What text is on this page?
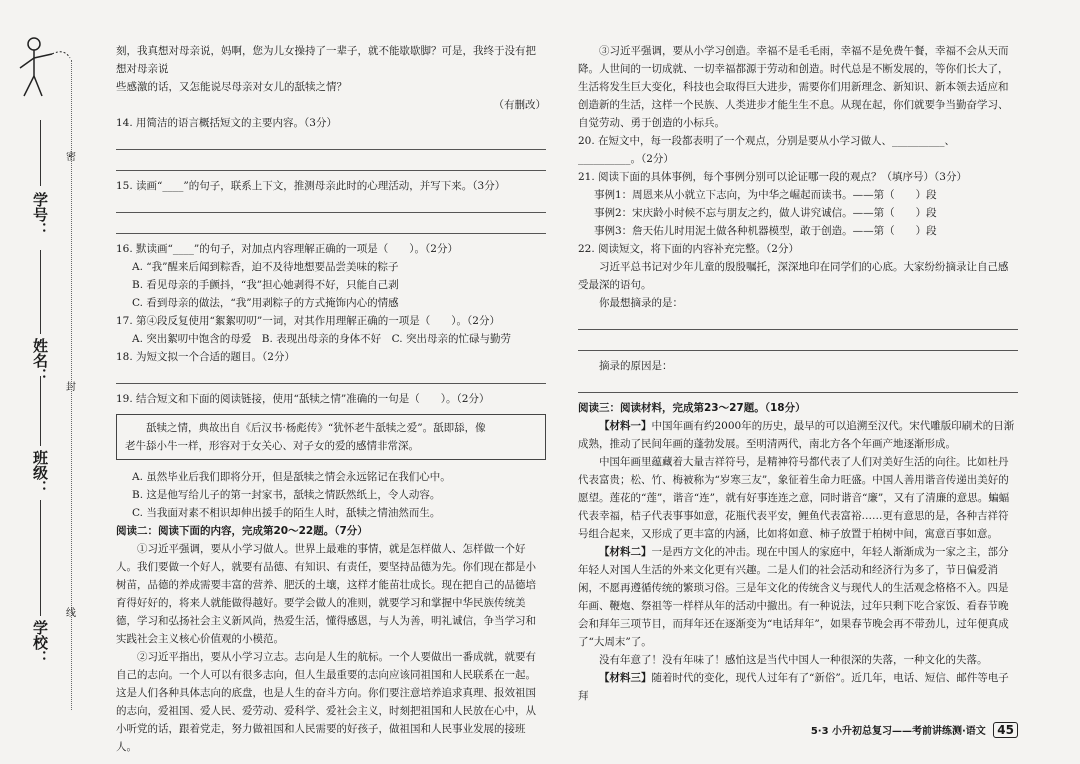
学号：
姓名：
班级：
学校：
密
封
线

刻，我真想对母亲说，妈啊，您为儿女操持了一辈子，就不能歇歇脚？可是，我终于没有把想对母亲说

些感激的话，又怎能说尽母亲对女儿的舐犊之情？

（有删改）

14. 用简洁的语言概括短文的主要内容。（3分）

15. 读画“____”的句子，联系上下文，推测母亲此时的心理活动，并写下来。（3分）

16. 默读画“____”的句子，对加点内容理解正确的一项是（　　）。（2分）

A. “我”醒来后闻到粽香，迫不及待地想要品尝美味的粽子

B. 看见母亲的手颤抖，“我”担心她剥得不好，只能自己剥

C. 看到母亲的做法，“我”用剥粽子的方式掩饰内心的情感

17. 第④段反复使用“絮絮叨叨”一词，对其作用理解正确的一项是（　　）。（2分）

A. 突出絮叨中饱含的母爱　B. 表现出母亲的身体不好　C. 突出母亲的忙碌与勤劳

18. 为短文拟一个合适的题目。（2分）

19. 结合短文和下面的阅读链接，使用“舐犊之情”准确的一句是（　　）。（2分）

舐犊之情，典故出自《后汉书·杨彪传》“犹怀老牛舐犊之爱”。舐即舔，像

老牛舔小牛一样，形容对于女关心、对子女的爱的感情非常深。

A. 虽然毕业后我们即将分开，但是舐犊之情会永远铭记在我们心中。

B. 这是他写给儿子的第一封家书，舐犊之情跃然纸上，令人动容。

C. 当我面对素不相识却伸出援手的陌生人时，舐犊之情油然而生。

阅读二：阅读下面的内容，完成第20～22题。（7分）

①习近平强调，要从小学习做人。世界上最难的事情，就是怎样做人、怎样做一个好人。我们要做一个好人，就要有品德、有知识、有责任，要坚持品德为先。你们现在都是小树苗，品德的养成需要丰富的营养、肥沃的土壤，这样才能苗壮成长。现在把自己的品德培育得好好的，将来人就能做得越好。要学会做人的准则，就要学习和掌握中华民族传统美德，学习和弘扬社会主义新风尚，热爱生活，懂得感恩，与人为善，明礼诚信，争当学习和实践社会主义核心价值观的小模范。

②习近平指出，要从小学习立志。志向是人生的航标。一个人要做出一番成就，就要有自己的志向。一个人可以有很多志向，但人生最重要的志向应该同祖国和人民联系在一起。这是人们各种具体志向的底盘，也是人生的奋斗方向。你们要注意培养追求真理、报效祖国的志向，爱祖国、爱人民、爱劳动、爱科学、爱社会主义，时刻把祖国和人民放在心中，从小听党的话，跟着党走，努力做祖国和人民需要的好孩子，做祖国和人民事业发展的接班人。

③习近平强调，要从小学习创造。幸福不是毛毛雨，幸福不是免费午餐，幸福不会从天而降。人世间的一切成就、一切幸福都源于劳动和创造。时代总是不断发展的，等你们长大了，生活将发生巨大变化，科技也会取得巨大进步，需要你们用新理念、新知识、新本领去适应和创造新的生活，这样一个民族、人类进步才能生生不息。从现在起，你们就要争当勤奋学习、自觉劳动、勇于创造的小标兵。

20. 在短文中，每一段都表明了一个观点，分别是要从小学习做人、__________、__________。（2分）

21. 阅读下面的具体事例，每个事例分别可以论证哪一段的观点？（填序号）（3分）

事例1：周恩来从小就立下志向，为中华之崛起而读书。——第（　　）段

事例2：宋庆龄小时候不忘与朋友之约，做人讲究诚信。——第（　　）段

事例3：詹天佑儿时用泥土做各种机器模型，敢于创造。——第（　　）段

22. 阅读短文，将下面的内容补充完整。（2分）

习近平总书记对少年儿童的殷殷嘱托，深深地印在同学们的心底。大家纷纷摘录让自己感受最深的语句。

你最想摘录的是：

摘录的原因是：

阅读三：阅读材料，完成第23～27题。（18分）

【材料一】中国年画有约2000年的历史，最早的可以追溯至汉代。宋代雕版印刷术的日渐成熟，推动了民间年画的蓬勃发展。至明清两代，南北方各个年画产地逐渐形成。

中国年画里蕴藏着大量吉祥符号，是精神符号都代表了人们对美好生活的向往。比如杜丹代表富贵；松、竹、梅被称为“岁寒三友”，象征着生命力旺盛。中国人善用谐音传递出美好的愿望。莲花的“莲”，谐音“连”，就有好事连连之意，同时谐音“廉”，又有了清廉的意思。蝙蝠代表幸福，桔子代表事事如意，花瓶代表平安，鲤鱼代表富裕……更有意思的是，各种吉祥符号组合起来，又形成了更丰富的内涵，比如将如意、柿子放置于柏树中间，寓意百事如意。

【材料二】一是西方文化的冲击。现在中国人的家庭中，年轻人渐渐成为一家之主，部分年轻人对国人生活的外来文化更有兴趣。二是人们的社会活动和经济行为多了，节日偏爱消闲，不愿再遵循传统的繁琐习俗。三是年文化的传统含义与现代人的生活观念格格不入。四是年画、鞭炮、祭祖等一样样从年的活动中撤出。有一种说法，过年只剩下吃合家饭、看春节晚会和拜年三项节目，而拜年还在逐渐变为“电话拜年”，如果春节晚会再不带劲儿，过年便真成了“大周末”了。

没有年意了！没有年味了！感怕这是当代中国人一种很深的失落，一种文化的失落。

【材料三】随着时代的变化，现代人过年有了“新俗”。近几年，电话、短信、邮件等电子拜

5·3 小升初总复习——考前讲练测·语文 45
